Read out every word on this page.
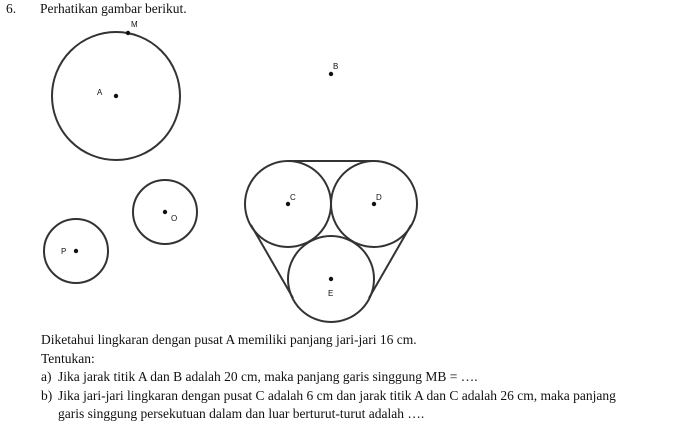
6. Perhatikan gambar berikut.
A
M
B
O
P
C	D
E

Diketahui lingkaran dengan pusat A memiliki panjang jari-jari 16 cm.

Tentukan:

a) Jika jarak titik A dan B adalah 20 cm, maka panjang garis singgung MB = ….
b) Jika jari-jari lingkaran dengan pusat C adalah 6 cm dan jarak titik A dan C adalah 26 cm, maka panjang
garis singgung persekutuan dalam dan luar berturut-turut adalah ….
